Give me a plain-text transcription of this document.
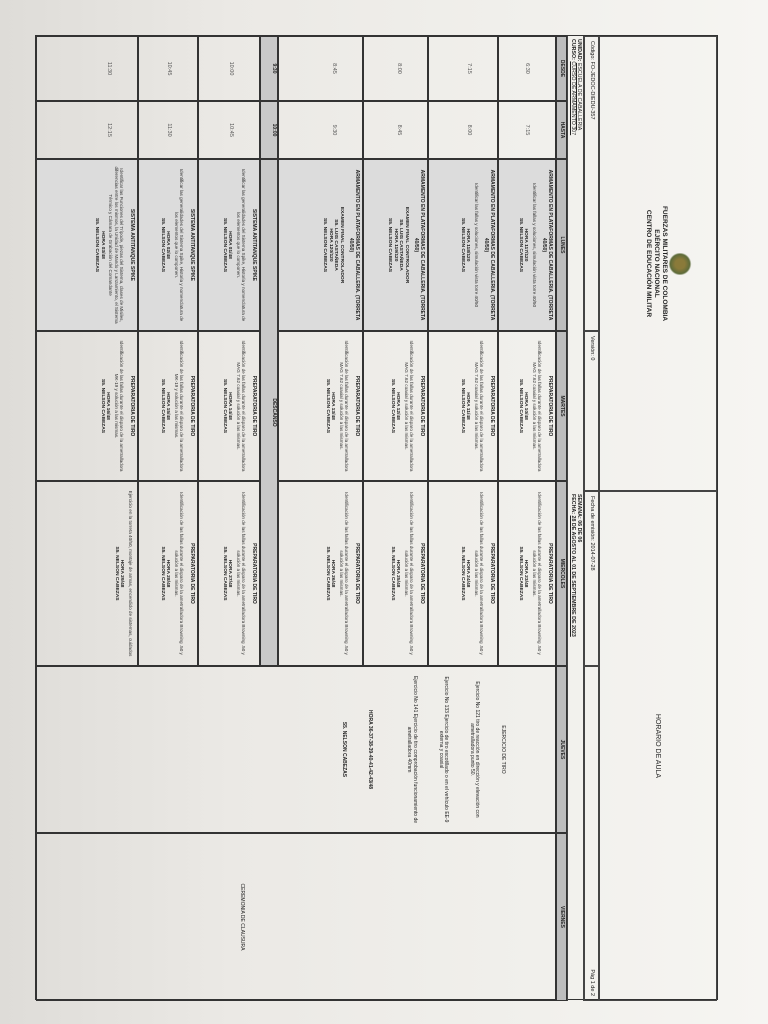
FUERZAS MILITARES DE COLOMBIA
EJÉRCITO NACIONAL
CENTRO DE EDUCACIÓN MILITAR
HORARIO DE AULA
Código: FO-JEDOC-DIEDU-357
Versión: 0
Fecha de emisión: 2014-07-28
Pág 1 de 2
UNIDAD: ESCUELA DE CABALLERIA
CURSO: CURSO DE ARMAMENTO 307
SEMANA: 06 DE 06
FECHA: 28 DE AGOSTO AL 01 DE SEPTIEMBRE DE 2023
DESDE
HASTA
LUNES
MARTES
MIERCOLES
JUEVES
VIERNES
6:30
7:15
ARMAMENTO EN PLATAFORMAS DE CABALLERIA. (TORRETA 40/50)
Identificar las fallas y soluciones, simulación vista torre 40/50
HORA 117/120
S5. NELSON CABEZAS
PREPARATORIA DE TIRO
Identificación de las fallas durante el disparo de la ametralladora MAG 7.62 coaxial y solución a las mismas.
HORA 10/48
S5. NELSON CABEZAS
PREPARATORIA DE TIRO
Identificación de las fallas durante el disparo de la ametralladora Browning .50 y solución a las mismas.
HORA 23/48
S5. NELSON CABEZAS
7:15
8:00
ARMAMENTO EN PLATAFORMAS DE CABALLERIA. (TORRETA 40/50)
Identificar las fallas y soluciones, simulación vista torre 40/50
HORA 118/120
S5. NELSON CABEZAS
PREPARATORIA DE TIRO
Identificación de las fallas durante el disparo de la ametralladora MAG 7.62 coaxial y solución a las mismas.
HORA 11/48
S5. NELSON CABEZAS
PREPARATORIA DE TIRO
Identificación de las fallas durante el disparo de la ametralladora Browning .50 y solución a las mismas.
HORA 24/48
S5. NELSON CABEZAS
8:00
8:45
ARMAMENTO EN PLATAFORMAS DE CABALLERIA. (TORRETA 40/50)
EXAMEN FINAL CONTROLADOR
S5. LUIS CASTAÑEDA
HORA 119/120
S5. NELSON CABEZAS
PREPARATORIA DE TIRO
Identificación de las fallas durante el disparo de la ametralladora MAG 7.62 coaxial y solución a las mismas.
HORA 12/48
S5. NELSON CABEZAS
PREPARATORIA DE TIRO
Identificación de las fallas durante el disparo de la ametralladora Browning .50 y solución a las mismas.
HORA 25/48
S5. NELSON CABEZAS
8:45
9:30
ARMAMENTO EN PLATAFORMAS DE CABALLERIA. (TORRETA 40/50)
EXAMEN FINAL CONTROLADOR
S5. LUIS CASTAÑEDA
HORA 120/120
S5. NELSON CABEZAS
PREPARATORIA DE TIRO
Identificación de las fallas durante el disparo de la ametralladora MAG 7.62 coaxial y solución a las mismas.
HORA 13/48
S5. NELSON CABEZAS
PREPARATORIA DE TIRO
Identificación de las fallas durante el disparo de la ametralladora Browning .50 y solución a las mismas.
HORA 26/48
S5. NELSON CABEZAS
10:00
10:45
SISTEMA ANTITANQUE SPIKE
Identificar las generalidades del Sistema Spike, Historia y nomenclatura de los elementos que lo componen.
HORA 01/48
S5. NELSON CABEZAS
PREPARATORIA DE TIRO
Identificación de las fallas durante el disparo de la ametralladora MAG 7.62 coaxial y solución a las mismas.
HORA 14/48
S5. NELSON CABEZAS
PREPARATORIA DE TIRO
Identificación de las fallas durante el disparo de la ametralladora Browning .50 y solución a las mismas.
HORA 27/48
S5. NELSON CABEZAS
10:45
11:30
SISTEMA ANTITANQUE SPIKE
Identificar las generalidades del Sistema Spike, Historia y nomenclatura de los elementos que lo componen.
HORA 02/48
S5. NELSON CABEZAS
PREPARATORIA DE TIRO
Identificación de las fallas durante el disparo de la ametralladora MK-19 y solución a las mismas.
HORA 15/48
S5. NELSON CABEZAS
PREPARATORIA DE TIRO
Identificación de las fallas durante el disparo de la ametralladora Browning .50 y solución a las mismas.
HORA 28/48
S5. NELSON CABEZAS
11:30
12:15
SISTEMA ANTITANQUE SPIKE
Identificar las Funciones del Trípode, piezas del Sistema, clases de Misiles, diferencias entre los mismos, la Unidad de Mando y Lanzamiento, el Sistema Térmico y Cámara de Grabación del Comandante
HORA 03/48
S5. NELSON CABEZAS
PREPARATORIA DE TIRO
Identificación de las fallas durante el disparo de la ametralladora MK-19 y solución a las mismas.
HORA 16/48
S5. NELSON CABEZAS
Ejercicio en la torreta 40/50, montaje de armas, encendido de sistemas, cuidados
HORA 29/48
S5. NELSON CABEZAS
9:30
10:00
DESCANSO
EJERCICIO DE TIRO
Ejercicio No 121 tiro de reacción en dirección y elevación con ametralladora punto 50.
Ejercicio No 133 Ejercicio de tiro escotillado o en el vehículo EE-9 externa y coaxial
Ejercicio No 141 Ejercicio de tiro comprobación funcionamiento de ametralladora 40mm
HORA 36-37-38-39-40-41-42-43/48
S5. NELSON CABEZAS
CEREMONIA DE CLAUSURA
